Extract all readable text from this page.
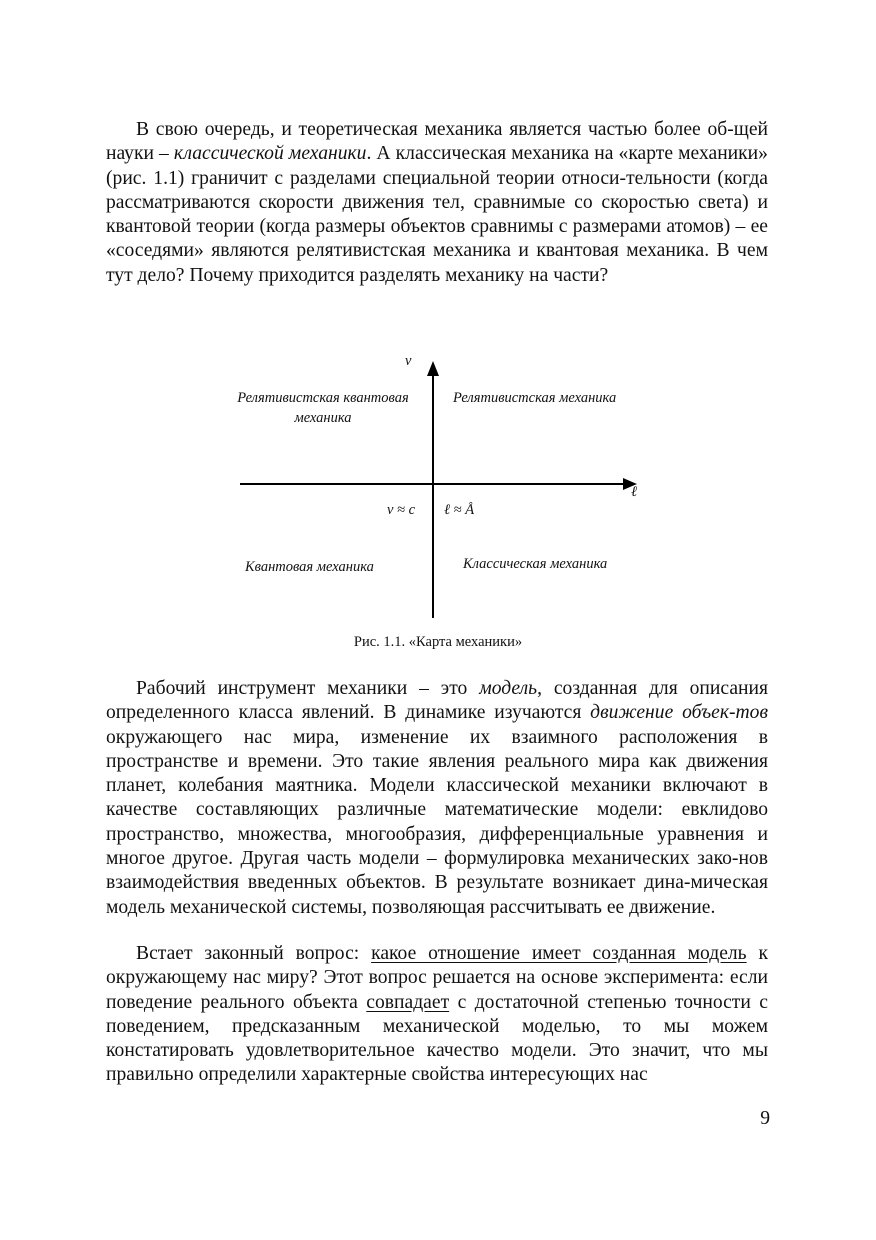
В свою очередь, и теоретическая механика является частью более об-щей науки – классической механики. А классическая механика на «карте механики» (рис. 1.1) граничит с разделами специальной теории относи-тельности (когда рассматриваются скорости движения тел, сравнимые со скоростью света) и квантовой теории (когда размеры объектов сравнимы с размерами атомов) – ее «соседями» являются релятивистская механика и квантовая механика. В чем тут дело? Почему приходится разделять механику на части?

v
ℓ
Релятивистская квантовая
механика
Релятивистская механика
v ≈ c ℓ ≈ Å
Квантовая механика	Классическая механика
Рис. 1.1. «Карта механики»

Рабочий инструмент механики – это модель, созданная для описания определенного класса явлений. В динамике изучаются движение объек-тов окружающего нас мира, изменение их взаимного расположения в пространстве и времени. Это такие явления реального мира как движения планет, колебания маятника. Модели классической механики включают в качестве составляющих различные математические модели: евклидово пространство, множества, многообразия, дифференциальные уравнения и многое другое. Другая часть модели – формулировка механических зако-нов взаимодействия введенных объектов. В результате возникает дина-мическая модель механической системы, позволяющая рассчитывать ее движение.

Встает законный вопрос: какое отношение имеет созданная модель к окружающему нас миру? Этот вопрос решается на основе эксперимента: если поведение реального объекта совпадает с достаточной степенью точности с поведением, предсказанным механической моделью, то мы можем констатировать удовлетворительное качество модели. Это значит, что мы правильно определили характерные свойства интересующих нас

9
